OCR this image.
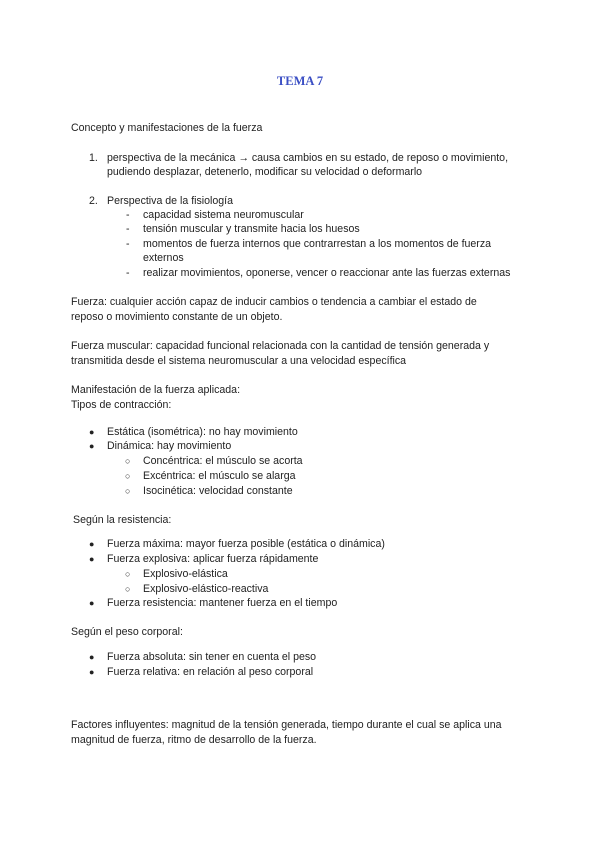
TEMA 7
Concepto y manifestaciones de la fuerza
1. perspectiva de la mecánica → causa cambios en su estado, de reposo o movimiento,
pudiendo desplazar, detenerlo, modificar su velocidad o deformarlo
2. Perspectiva de la fisiología
- capacidad sistema neuromuscular
- tensión muscular y transmite hacia los huesos
- momentos de fuerza internos que contrarrestan a los momentos de fuerza
externos
- realizar movimientos, oponerse, vencer o reaccionar ante las fuerzas externas
Fuerza: cualquier acción capaz de inducir cambios o tendencia a cambiar el estado de
reposo o movimiento constante de un objeto.
Fuerza muscular: capacidad funcional relacionada con la cantidad de tensión generada y
transmitida desde el sistema neuromuscular a una velocidad específica
Manifestación de la fuerza aplicada:
Tipos de contracción:
● Estática (isométrica): no hay movimiento
● Dinámica: hay movimiento
○ Concéntrica: el músculo se acorta
○ Excéntrica: el músculo se alarga
○ Isocinética: velocidad constante
Según la resistencia:
● Fuerza máxima: mayor fuerza posible (estática o dinámica)
● Fuerza explosiva: aplicar fuerza rápidamente
○ Explosivo-elástica
○ Explosivo-elástico-reactiva
● Fuerza resistencia: mantener fuerza en el tiempo
Según el peso corporal:
● Fuerza absoluta: sin tener en cuenta el peso
● Fuerza relativa: en relación al peso corporal
Factores influyentes: magnitud de la tensión generada, tiempo durante el cual se aplica una
magnitud de fuerza, ritmo de desarrollo de la fuerza.
